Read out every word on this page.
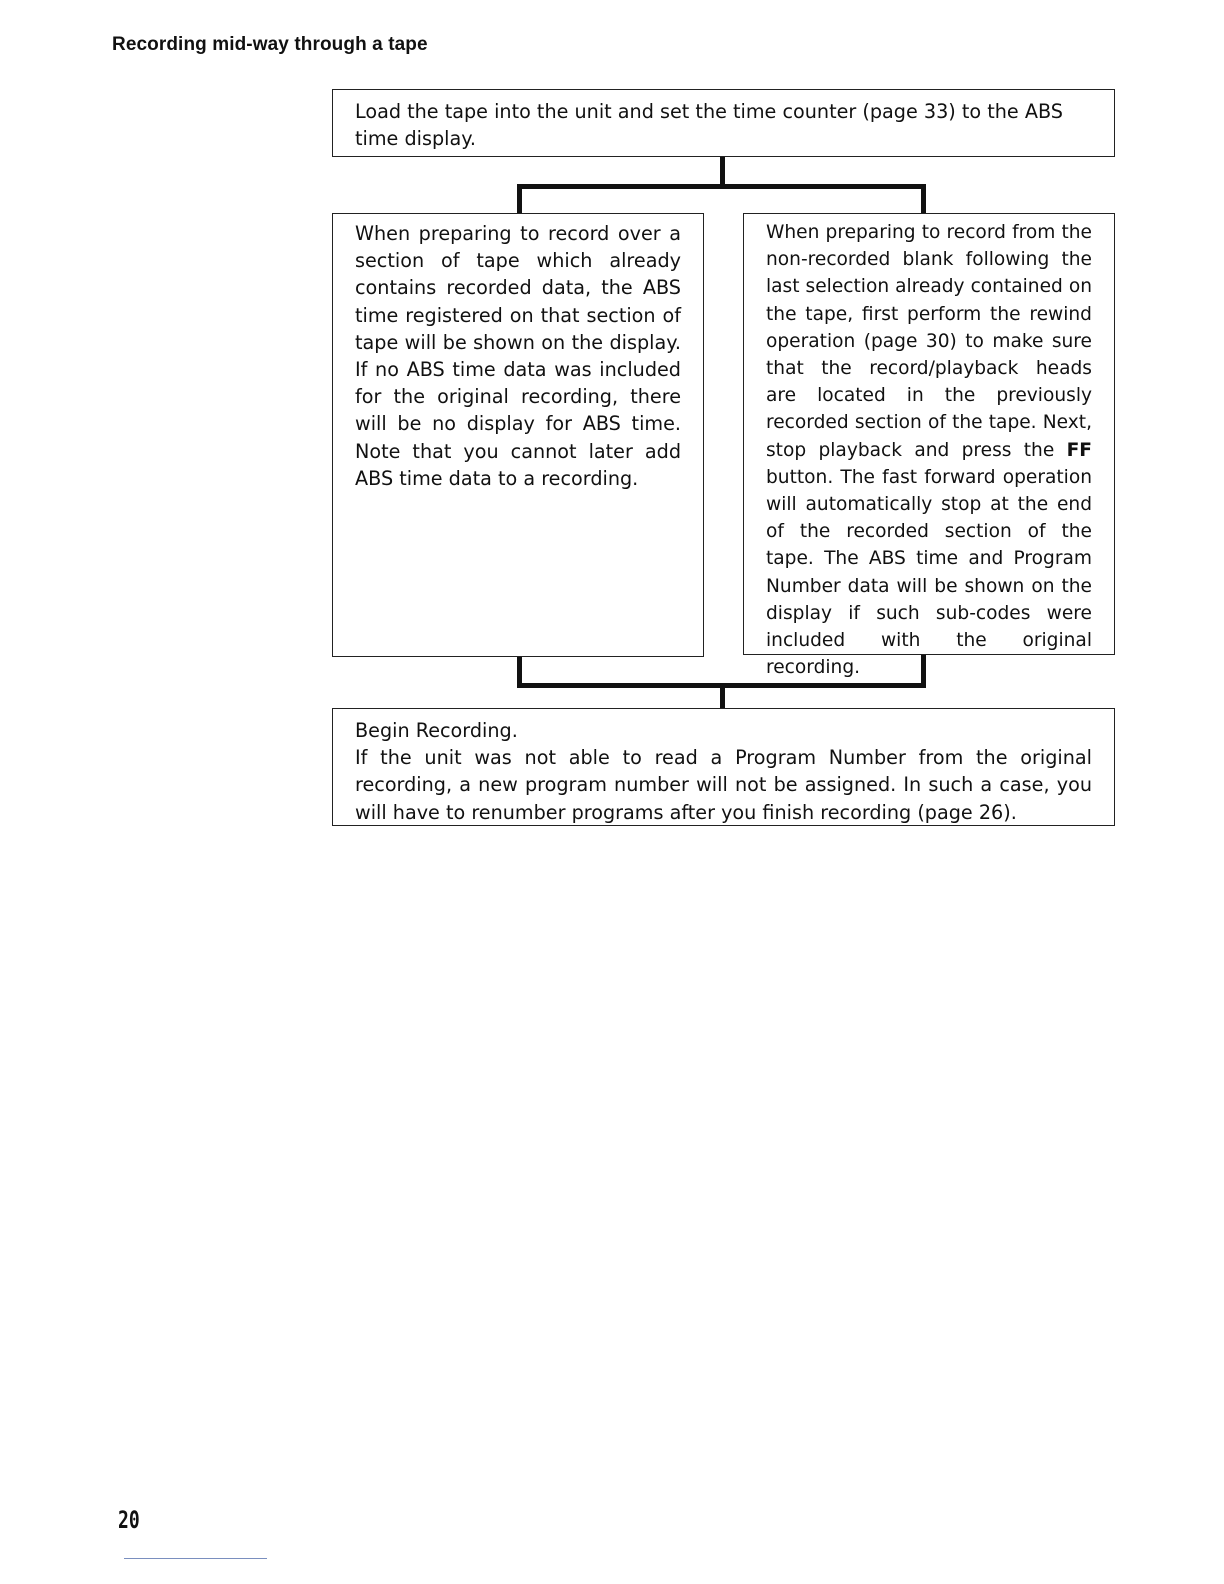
Recording mid-way through a tape

Load the tape into the unit and set the time counter (page 33) to the ABS time display.

When preparing to record over a section of tape which already contains recorded data, the ABS time registered on that section of tape will be shown on the display. If no ABS time data was included for the original recording, there will be no display for ABS time. Note that you cannot later add ABS time data to a recording.

When preparing to record from the non-recorded blank following the last selection already contained on the tape, first perform the rewind operation (page 30) to make sure that the record/playback heads are located in the previously recorded section of the tape. Next, stop playback and press the FF button. The fast forward operation will automatically stop at the end of the recorded section of the tape. The ABS time and Program Number data will be shown on the display if such sub-codes were included with the original recording.

Begin Recording.

If the unit was not able to read a Program Number from the original recording, a new program number will not be assigned. In such a case, you will have to renumber programs after you finish recording (page 26).

20
